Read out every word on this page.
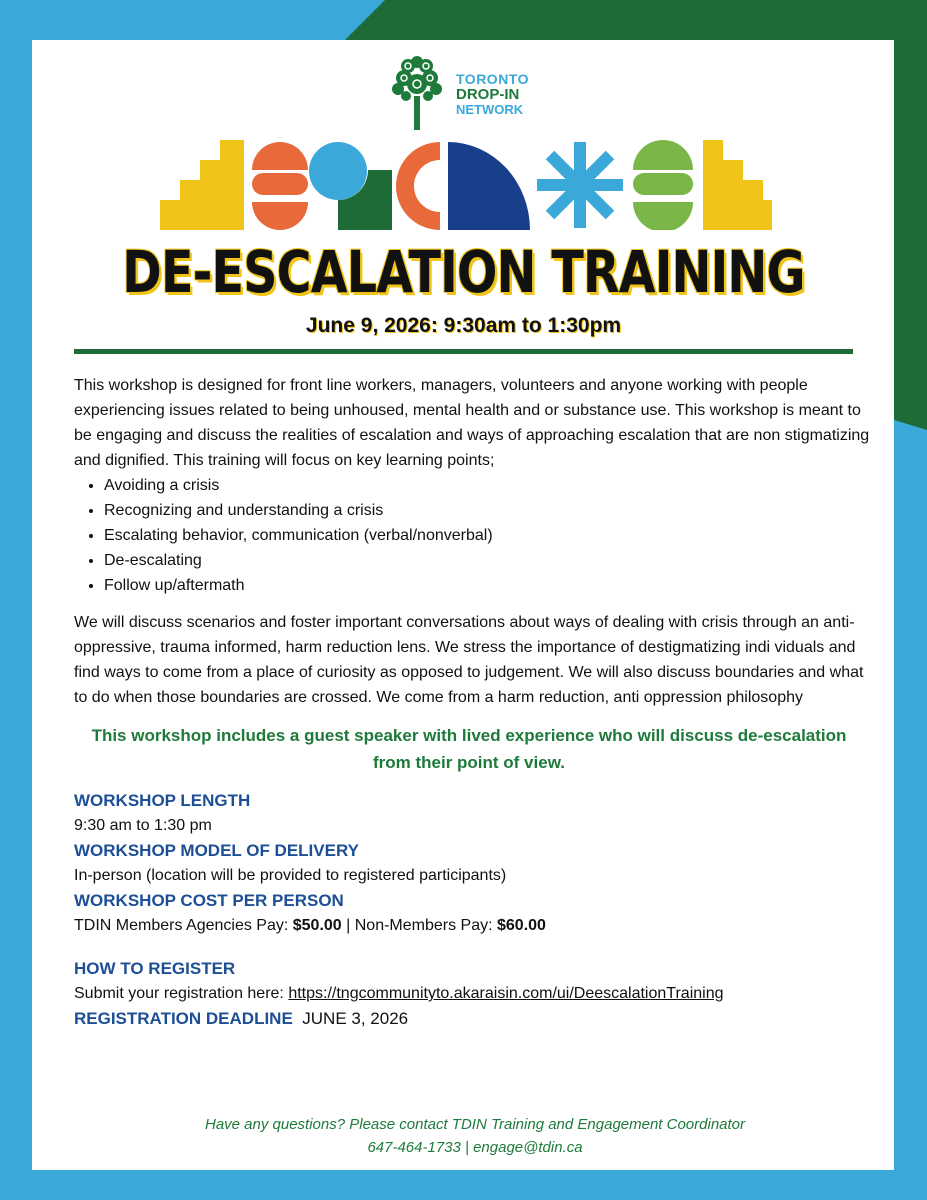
TORONTO
DROP-IN
NETWORK
DE-ESCALATION TRAINING
June 9, 2026: 9:30am to 1:30pm

This workshop is designed for front line workers, managers, volunteers and anyone working with people experiencing issues related to being unhoused, mental health and or substance use. This workshop is meant to be engaging and discuss the realities of escalation and ways of approaching escalation that are non stigmatizing and dignified. This training will focus on key learning points;

• Avoiding a crisis
• Recognizing and understanding a crisis
• Escalating behavior, communication (verbal/nonverbal)
• De-escalating
• Follow up/aftermath

We will discuss scenarios and foster important conversations about ways of dealing with crisis through an anti-oppressive, trauma informed, harm reduction lens. We stress the importance of destigmatizing indi viduals and find ways to come from a place of curiosity as opposed to judgement. We will also discuss boundaries and what to do when those boundaries are crossed. We come from a harm reduction, anti oppression philosophy

This workshop includes a guest speaker with lived experience who will discuss de-escalation from their point of view.
WORKSHOP LENGTH
9:30 am to 1:30 pm
WORKSHOP MODEL OF DELIVERY
In-person (location will be provided to registered participants)
WORKSHOP COST PER PERSON
TDIN Members Agencies Pay: $50.00 | Non-Members Pay: $60.00
HOW TO REGISTER
Submit your registration here: https://tngcommunityto.akaraisin.com/ui/DeescalationTraining
REGISTRATION DEADLINE JUNE 3, 2026
Have any questions? Please contact TDIN Training and Engagement Coordinator
647-464-1733 | engage@tdin.ca
